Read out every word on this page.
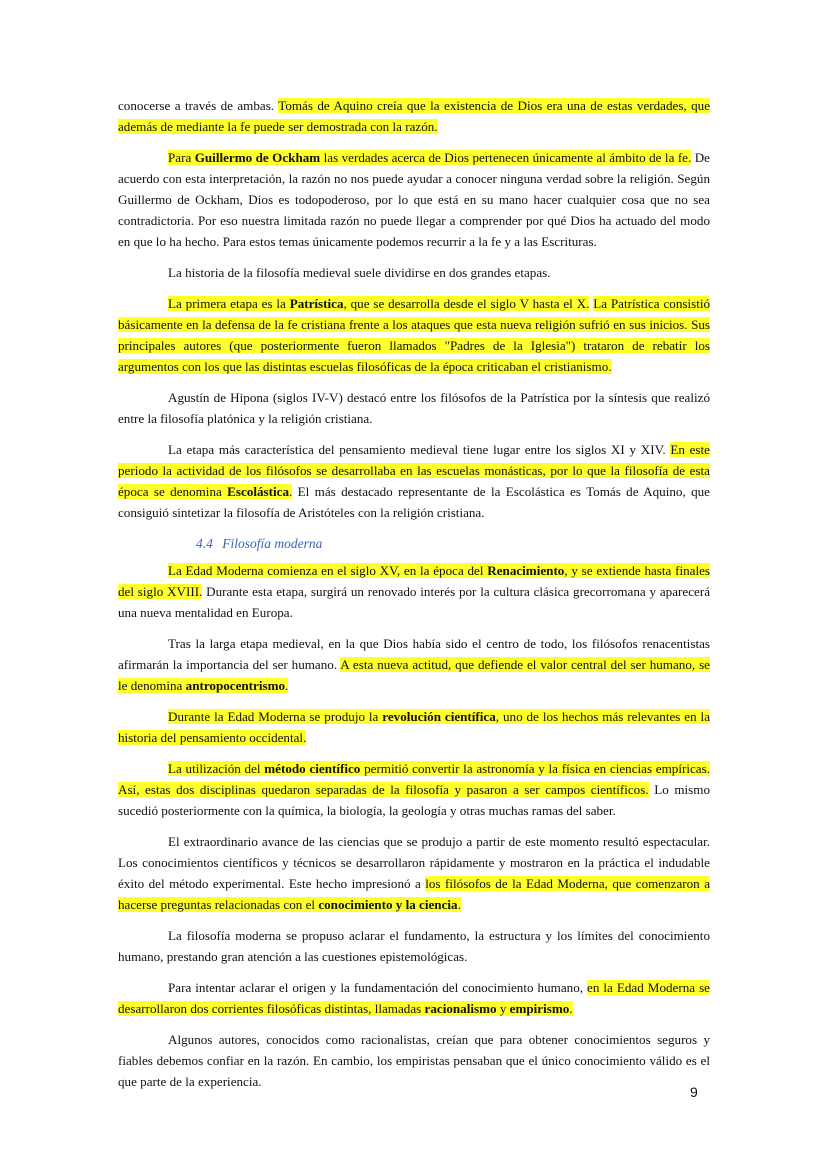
conocerse a través de ambas. Tomás de Aquino creía que la existencia de Dios era una de estas verdades, que además de mediante la fe puede ser demostrada con la razón.

Para Guillermo de Ockham las verdades acerca de Dios pertenecen únicamente al ámbito de la fe. De acuerdo con esta interpretación, la razón no nos puede ayudar a conocer ninguna verdad sobre la religión. Según Guillermo de Ockham, Dios es todopoderoso, por lo que está en su mano hacer cualquier cosa que no sea contradictoria. Por eso nuestra limitada razón no puede llegar a comprender por qué Dios ha actuado del modo en que lo ha hecho. Para estos temas únicamente podemos recurrir a la fe y a las Escrituras.

La historia de la filosofía medieval suele dividirse en dos grandes etapas.

La primera etapa es la Patrística, que se desarrolla desde el siglo V hasta el X. La Patrística consistió básicamente en la defensa de la fe cristiana frente a los ataques que esta nueva religión sufrió en sus inicios. Sus principales autores (que posteriormente fueron llamados "Padres de la Iglesia") trataron de rebatir los argumentos con los que las distintas escuelas filosóficas de la época criticaban el cristianismo.

Agustín de Hipona (siglos IV-V) destacó entre los filósofos de la Patrística por la síntesis que realizó entre la filosofía platónica y la religión cristiana.

La etapa más característica del pensamiento medieval tiene lugar entre los siglos XI y XIV. En este periodo la actividad de los filósofos se desarrollaba en las escuelas monásticas, por lo que la filosofía de esta época se denomina Escolástica. El más destacado representante de la Escolástica es Tomás de Aquino, que consiguió sintetizar la filosofía de Aristóteles con la religión cristiana.

4.4 Filosofía moderna

La Edad Moderna comienza en el siglo XV, en la época del Renacimiento, y se extiende hasta finales del siglo XVIII. Durante esta etapa, surgirá un renovado interés por la cultura clásica grecorromana y aparecerá una nueva mentalidad en Europa.

Tras la larga etapa medieval, en la que Dios había sido el centro de todo, los filósofos renacentistas afirmarán la importancia del ser humano. A esta nueva actitud, que defiende el valor central del ser humano, se le denomina antropocentrismo.

Durante la Edad Moderna se produjo la revolución científica, uno de los hechos más relevantes en la historia del pensamiento occidental.

La utilización del método científico permitió convertir la astronomía y la física en ciencias empíricas. Así, estas dos disciplinas quedaron separadas de la filosofía y pasaron a ser campos científicos. Lo mismo sucedió posteriormente con la química, la biología, la geología y otras muchas ramas del saber.

El extraordinario avance de las ciencias que se produjo a partir de este momento resultó espectacular. Los conocimientos científicos y técnicos se desarrollaron rápidamente y mostraron en la práctica el indudable éxito del método experimental. Este hecho impresionó a los filósofos de la Edad Moderna, que comenzaron a hacerse preguntas relacionadas con el conocimiento y la ciencia.

La filosofía moderna se propuso aclarar el fundamento, la estructura y los límites del conocimiento humano, prestando gran atención a las cuestiones epistemológicas.

Para intentar aclarar el origen y la fundamentación del conocimiento humano, en la Edad Moderna se desarrollaron dos corrientes filosóficas distintas, llamadas racionalismo y empirismo.

Algunos autores, conocidos como racionalistas, creían que para obtener conocimientos seguros y fiables debemos confiar en la razón. En cambio, los empiristas pensaban que el único conocimiento válido es el que parte de la experiencia.

9
